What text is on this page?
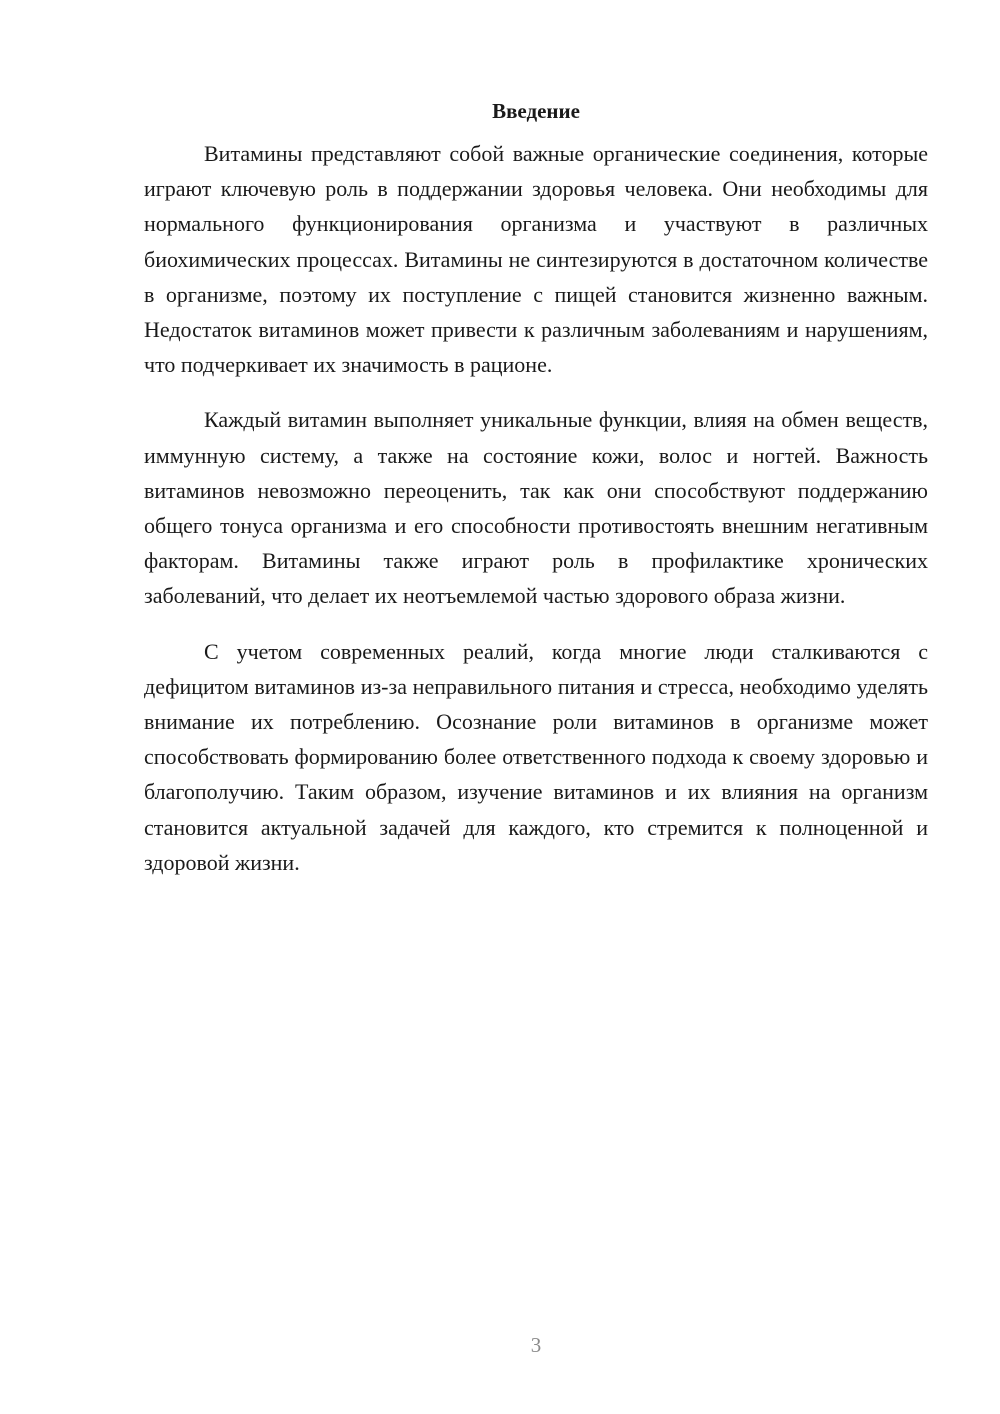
Введение

Витамины представляют собой важные органические соединения, которые играют ключевую роль в поддержании здоровья человека. Они необходимы для нормального функционирования организма и участвуют в различных биохимических процессах. Витамины не синтезируются в достаточном количестве в организме, поэтому их поступление с пищей становится жизненно важным. Недостаток витаминов может привести к различным заболеваниям и нарушениям, что подчеркивает их значимость в рационе.

Каждый витамин выполняет уникальные функции, влияя на обмен веществ, иммунную систему, а также на состояние кожи, волос и ногтей. Важность витаминов невозможно переоценить, так как они способствуют поддержанию общего тонуса организма и его способности противостоять внешним негативным факторам. Витамины также играют роль в профилактике хронических заболеваний, что делает их неотъемлемой частью здорового образа жизни.

С учетом современных реалий, когда многие люди сталкиваются с дефицитом витаминов из-за неправильного питания и стресса, необходимо уделять внимание их потреблению. Осознание роли витаминов в организме может способствовать формированию более ответственного подхода к своему здоровью и благополучию. Таким образом, изучение витаминов и их влияния на организм становится актуальной задачей для каждого, кто стремится к полноценной и здоровой жизни.

3
